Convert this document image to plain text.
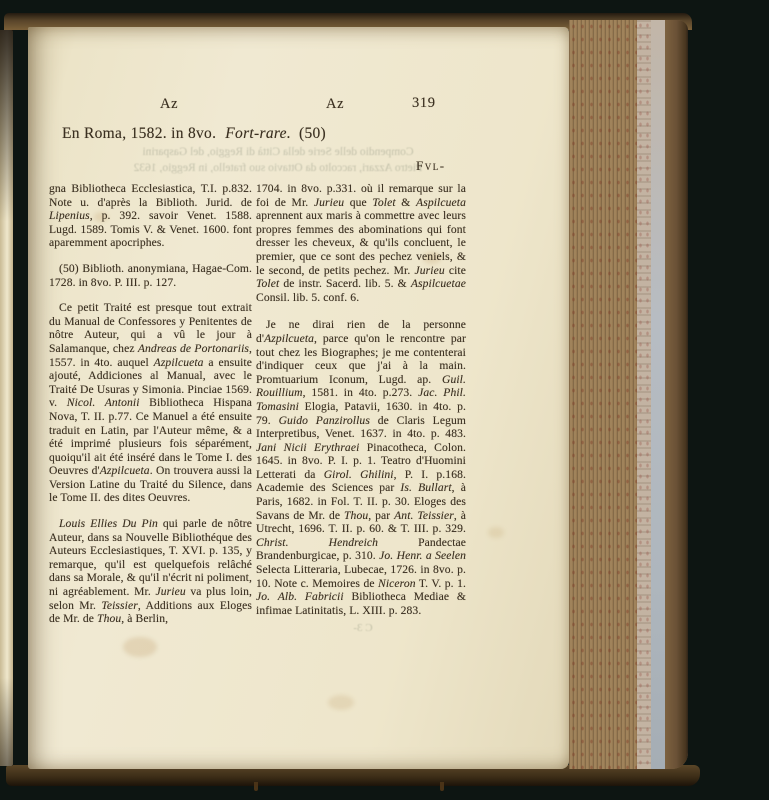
Compendio delle Serie della Città di Reggio, del Gasparini
Pietro Azzari, raccolto da Ottavio suo fratello, in Reggio, 1632
C 3-
Az	Az	319
En Roma, 1582. in 8vo. Fort-rare. (50)
Fvl-

gna Bibliotheca Ecclesiastica, T.I. p.832. Note u. d'après la Biblioth. Jurid. de Lipenius, p. 392. savoir Venet. 1588. Lugd. 1589. Tomis V. & Venet. 1600. font aparemment apocriphes.

(50) Biblioth. anonymiana, Hagae-Com. 1728. in 8vo. P. III. p. 127.

Ce petit Traité est presque tout extrait du Manual de Confessores y Penitentes de nôtre Auteur, qui a vû le jour à Salamanque, chez Andreas de Portonariis, 1557. in 4to. auquel Azpilcueta a ensuite ajouté, Addiciones al Manual, avec le Traité De Usuras y Simonia. Pinciae 1569. v. Nicol. Antonii Bibliotheca Hispana Nova, T. II. p.77. Ce Manuel a été ensuite traduit en Latin, par l'Auteur même, & a été imprimé plusieurs fois séparément, quoiqu'il ait été inséré dans le Tome I. des Oeuvres d'Azpilcueta. On trouvera aussi la Version Latine du Traité du Silence, dans le Tome II. des dites Oeuvres.

Louis Ellies Du Pin qui parle de nôtre Auteur, dans sa Nouvelle Bibliothéque des Auteurs Ecclesiastiques, T. XVI. p. 135, y remarque, qu'il est quelquefois relâché dans sa Morale, & qu'il n'écrit ni poliment, ni agréablement. Mr. Jurieu va plus loin, selon Mr. Teissier, Additions aux Eloges de Mr. de Thou, à Berlin,

1704. in 8vo. p.331. où il remarque sur la foi de Mr. Jurieu que Tolet & Aspilcueta aprennent aux maris à commettre avec leurs propres femmes des abominations qui font dresser les cheveux, & qu'ils concluent, le premier, que ce sont des pechez veniels, & le second, de petits pechez. Mr. Jurieu cite Tolet de instr. Sacerd. lib. 5. & Aspilcuetae Consil. lib. 5. conf. 6.

Je ne dirai rien de la personne d'Azpilcueta, parce qu'on le rencontre par tout chez les Biographes; je me contenterai d'indiquer ceux que j'ai à la main. Promtuarium Iconum, Lugd. ap. Guil. Rouillium, 1581. in 4to. p.273. Jac. Phil. Tomasini Elogia, Patavii, 1630. in 4to. p. 79. Guido Panzirollus de Claris Legum Interpretibus, Venet. 1637. in 4to. p. 483. Jani Nicii Erythraei Pinacotheca, Colon. 1645. in 8vo. P. I. p. 1. Teatro d'Huomini Letterati da Girol. Ghilini, P. I. p.168. Academie des Sciences par Is. Bullart, à Paris, 1682. in Fol. T. II. p. 30. Eloges des Savans de Mr. de Thou, par Ant. Teissier, à Utrecht, 1696. T. II. p. 60. & T. III. p. 329. Christ. Hendreich Pandectae Brandenburgicae, p. 310. Jo. Henr. a Seelen Selecta Litteraria, Lubecae, 1726. in 8vo. p. 10. Note c. Memoires de Niceron T. V. p. 1. Jo. Alb. Fabricii Bibliotheca Mediae & infimae Latinitatis, L. XIII. p. 283.
